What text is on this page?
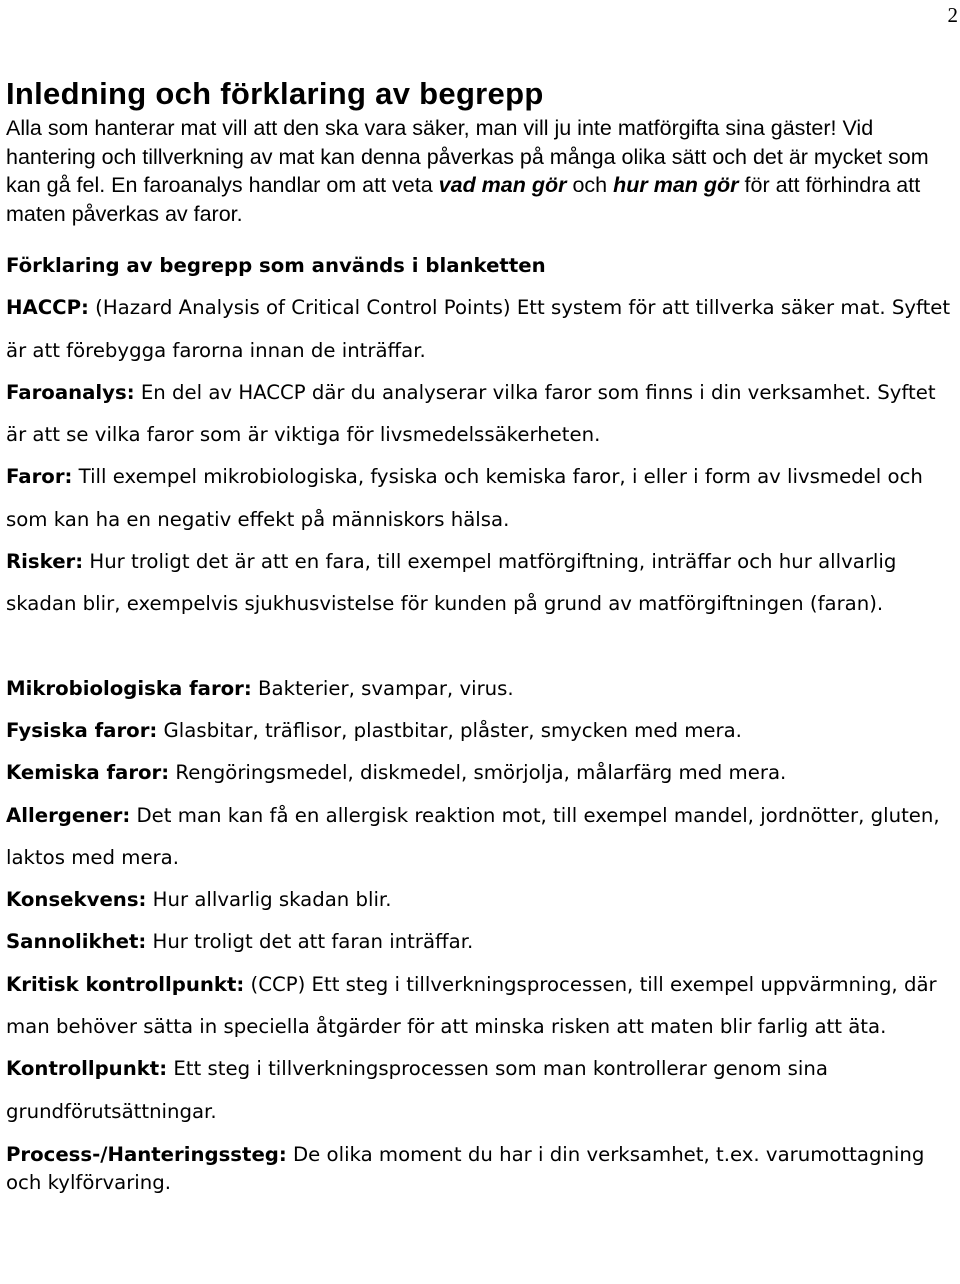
2
Inledning och förklaring av begrepp

Alla som hanterar mat vill att den ska vara säker, man vill ju inte matförgifta sina gäster! Vid hantering och tillverkning av mat kan denna påverkas på många olika sätt och det är mycket som kan gå fel. En faroanalys handlar om att veta vad man gör och hur man gör för att förhindra att maten påverkas av faror.

Förklaring av begrepp som används i blanketten

HACCP: (Hazard Analysis of Critical Control Points) Ett system för att tillverka säker mat. Syftet är att förebygga farorna innan de inträffar.

Faroanalys: En del av HACCP där du analyserar vilka faror som finns i din verksamhet. Syftet är att se vilka faror som är viktiga för livsmedelssäkerheten.

Faror: Till exempel mikrobiologiska, fysiska och kemiska faror, i eller i form av livsmedel och som kan ha en negativ effekt på människors hälsa.

Risker: Hur troligt det är att en fara, till exempel matförgiftning, inträffar och hur allvarlig skadan blir, exempelvis sjukhusvistelse för kunden på grund av matförgiftningen (faran).

Mikrobiologiska faror: Bakterier, svampar, virus.

Fysiska faror: Glasbitar, träflisor, plastbitar, plåster, smycken med mera.

Kemiska faror: Rengöringsmedel, diskmedel, smörjolja, målarfärg med mera.

Allergener: Det man kan få en allergisk reaktion mot, till exempel mandel, jordnötter, gluten, laktos med mera.

Konsekvens: Hur allvarlig skadan blir.

Sannolikhet: Hur troligt det att faran inträffar.

Kritisk kontrollpunkt: (CCP) Ett steg i tillverkningsprocessen, till exempel uppvärmning, där man behöver sätta in speciella åtgärder för att minska risken att maten blir farlig att äta.

Kontrollpunkt: Ett steg i tillverkningsprocessen som man kontrollerar genom sina grundförutsättningar.

Process-/Hanteringssteg: De olika moment du har i din verksamhet, t.ex. varumottagning och kylförvaring.
